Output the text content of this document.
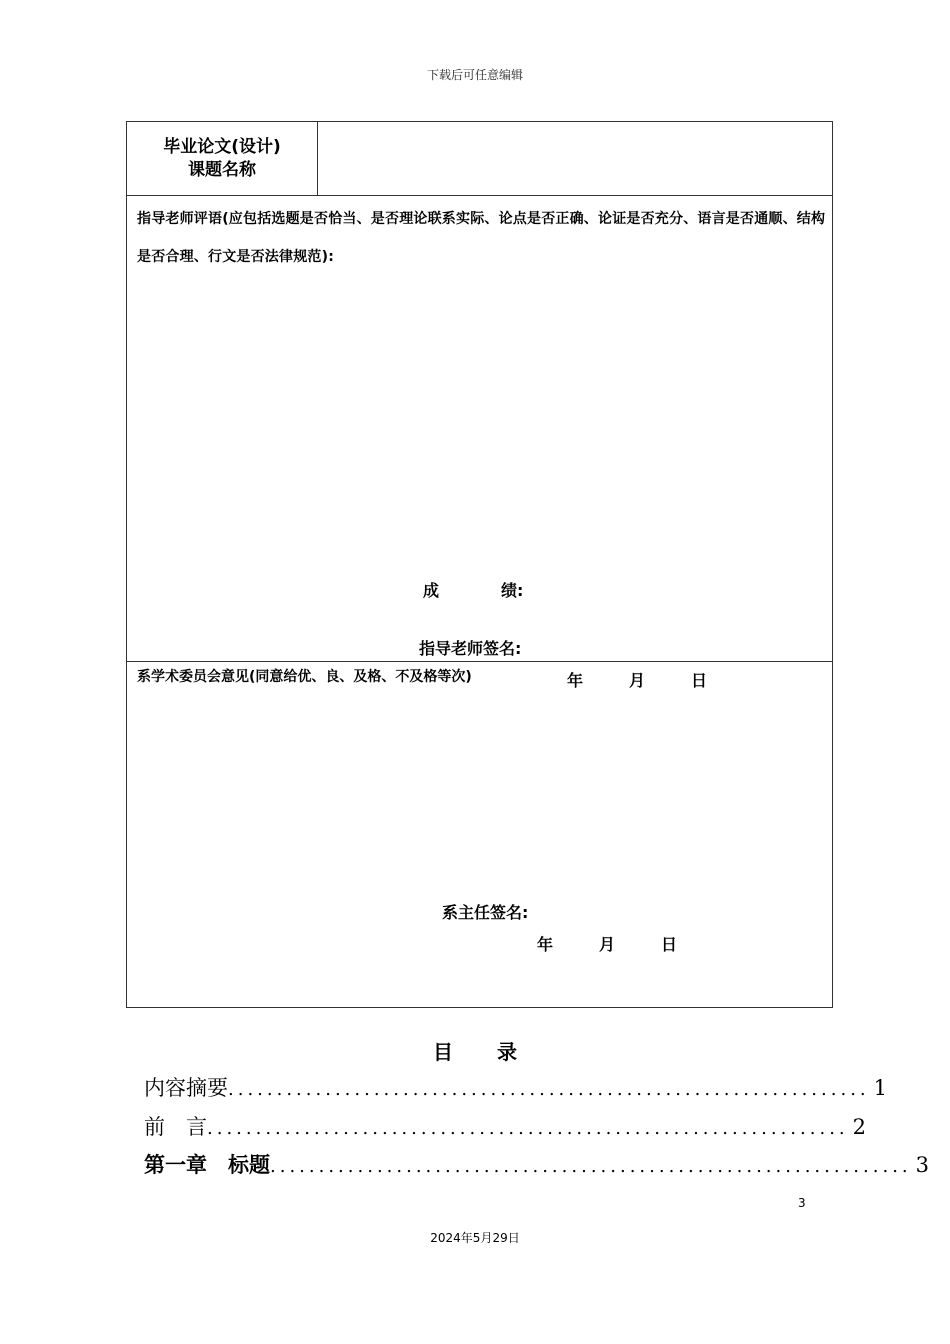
下载后可任意编辑
毕业论文(设计)
课题名称
指导老师评语(应包括选题是否恰当、是否理论联系实际、论点是否正确、论证是否充分、语言是否通顺、结构是否合理、行文是否法律规范):
成	绩:
指导老师签名:
年	月	日
系学术委员会意见(同意给优、良、及格、不及格等次)
系主任签名:
年	月	日
目 录
内容摘要 .................................................................. 1
前　言 .................................................................. 2
第一章　标题 .................................................................. 3
3
2024年5月29日
